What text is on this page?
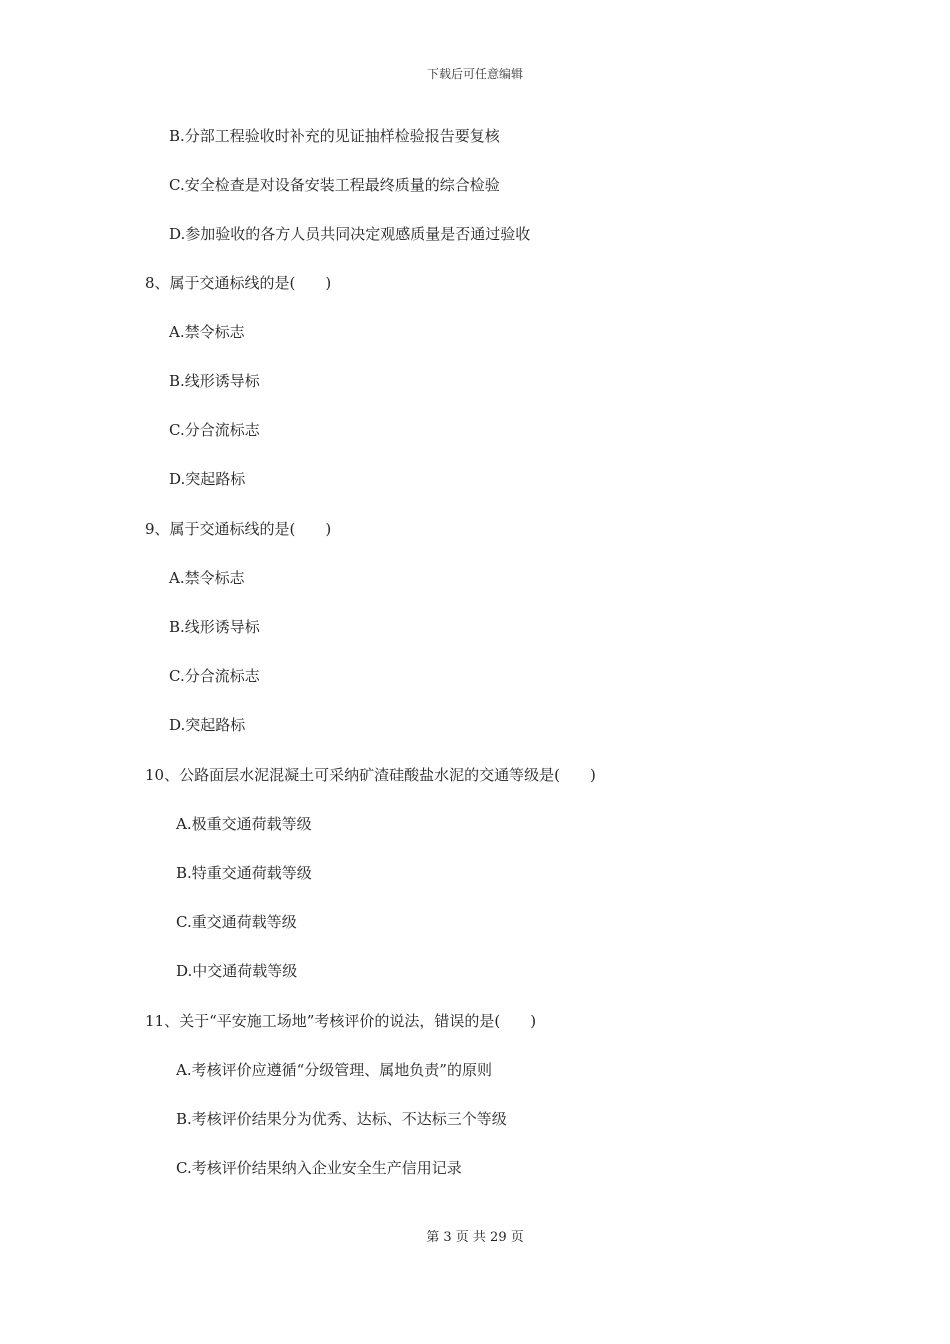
下载后可任意编辑
B.分部工程验收时补充的见证抽样检验报告要复核
C.安全检查是对设备安装工程最终质量的综合检验
D.参加验收的各方人员共同决定观感质量是否通过验收
8、属于交通标线的是(　　)
A.禁令标志
B.线形诱导标
C.分合流标志
D.突起路标
9、属于交通标线的是(　　)
A.禁令标志
B.线形诱导标
C.分合流标志
D.突起路标
10、公路面层水泥混凝土可采纳矿渣硅酸盐水泥的交通等级是(　　)
A.极重交通荷载等级
B.特重交通荷载等级
C.重交通荷载等级
D.中交通荷载等级
11、关于“平安施工场地”考核评价的说法，错误的是(　　)
A.考核评价应遵循“分级管理、属地负责”的原则
B.考核评价结果分为优秀、达标、不达标三个等级
C.考核评价结果纳入企业安全生产信用记录
第 3 页 共 29 页
